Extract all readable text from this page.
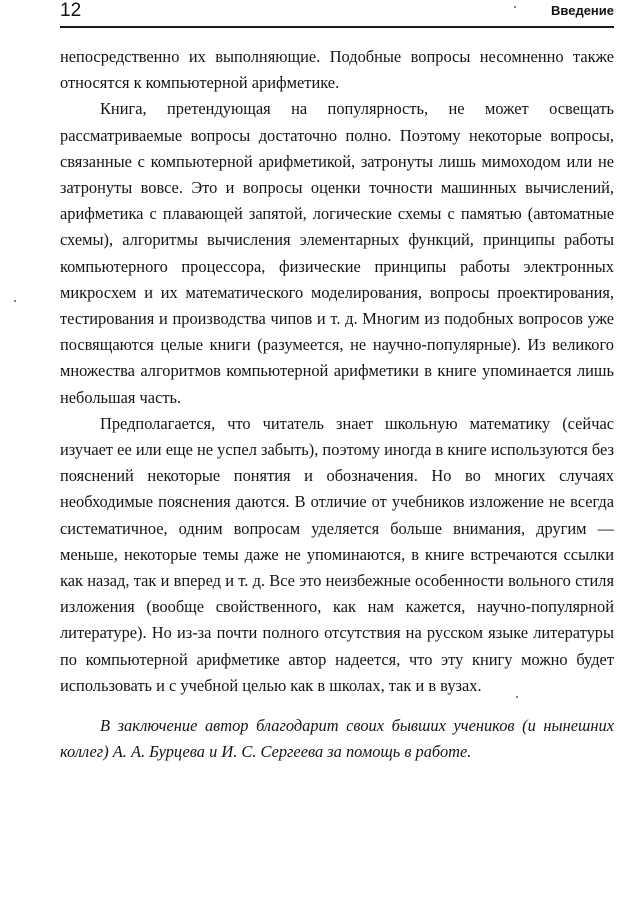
12	Введение

непосредственно их выполняющие. Подобные вопросы несомненно также относятся к компьютерной арифметике.

Книга, претендующая на популярность, не может освещать рассматриваемые вопросы достаточно полно. Поэтому некоторые вопросы, связанные с компьютерной арифметикой, затронуты лишь мимоходом или не затронуты вовсе. Это и вопросы оценки точности машинных вычислений, арифметика с плавающей запятой, логические схемы с памятью (автоматные схемы), алгоритмы вычисления элементарных функций, принципы работы компьютерного процессора, физические принципы работы электронных микросхем и их математического моделирования, вопросы проектирования, тестирования и производства чипов и т. д. Многим из подобных вопросов уже посвящаются целые книги (разумеется, не научно-популярные). Из великого множества алгоритмов компьютерной арифметики в книге упоминается лишь небольшая часть.

Предполагается, что читатель знает школьную математику (сейчас изучает ее или еще не успел забыть), поэтому иногда в книге используются без пояснений некоторые понятия и обозначения. Но во многих случаях необходимые пояснения даются. В отличие от учебников изложение не всегда систематичное, одним вопросам уделяется больше внимания, другим — меньше, некоторые темы даже не упоминаются, в книге встречаются ссылки как назад, так и вперед и т. д. Все это неизбежные особенности вольного стиля изложения (вообще свойственного, как нам кажется, научно-популярной литературе). Но из-за почти полного отсутствия на русском языке литературы по компьютерной арифметике автор надеется, что эту книгу можно будет использовать и с учебной целью как в школах, так и в вузах.

В заключение автор благодарит своих бывших учеников (и нынешних коллег) А. А. Бурцева и И. С. Сергеева за помощь в работе.
